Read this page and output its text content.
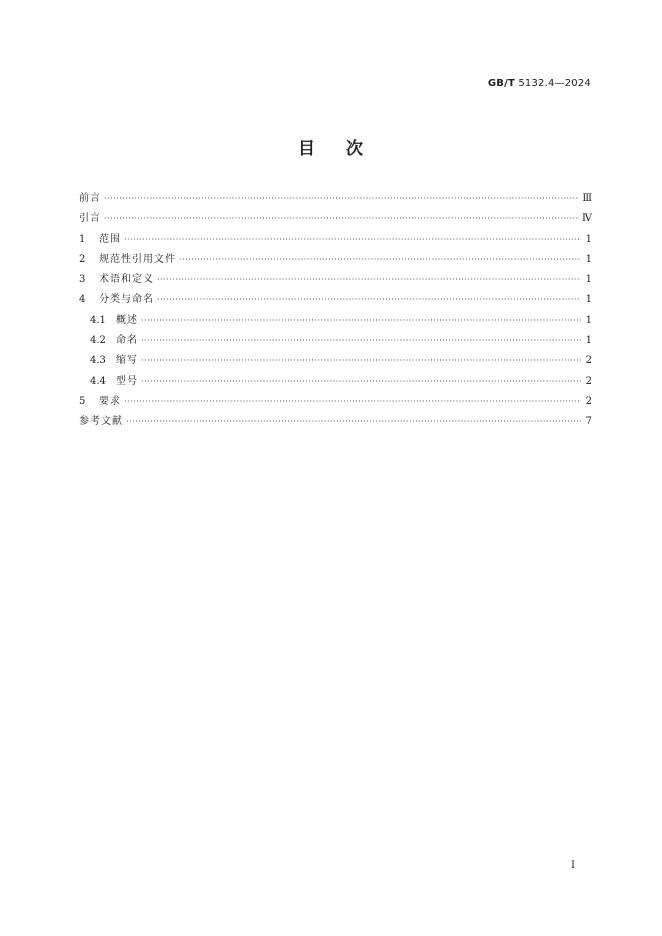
GB/T 5132.4—2024
目 次
前言 ·····	Ⅲ
引言 ·····	Ⅳ
1	范围 ·····	1
2	规范性引用文件 ·····	1
3	术语和定义 ·····	1
4	分类与命名 ·····	1
4.1	概述 ·····	1
4.2	命名 ·····	1
4.3	缩写 ·····	2
4.4	型号 ·····	2
5	要求 ·····	2
参考文献 ·····	7
I
